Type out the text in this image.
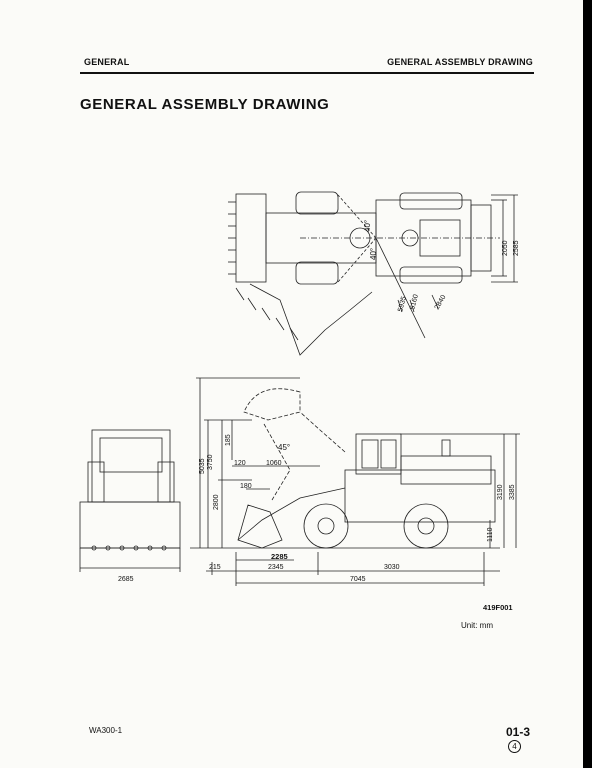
GENERAL	GENERAL ASSEMBLY DRAWING
GENERAL ASSEMBLY DRAWING
40°
40°	2050 2585
5935 5160 2840
5035 3750
185
45°
120	1060
180
2800
3190 3385
1110
2285
215	2345	3030
7045
2685
419F001
Unit: mm
WA300-1	01-3
4
